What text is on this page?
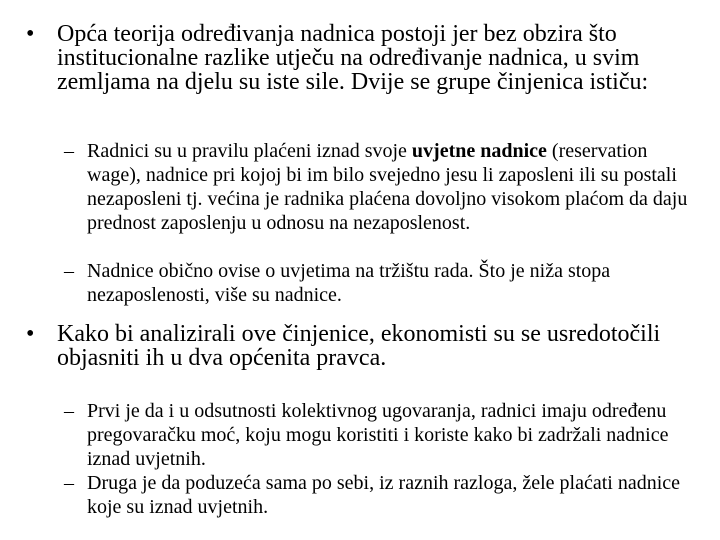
• Opća teorija određivanja nadnica postoji jer bez obzira što institucionalne razlike utječu na određivanje nadnica, u svim zemljama na djelu su iste sile. Dvije se grupe činjenica ističu:
– Radnici su u pravilu plaćeni iznad svoje uvjetne nadnice (reservation wage), nadnice pri kojoj bi im bilo svejedno jesu li zaposleni ili su postali nezaposleni tj. većina je radnika plaćena dovoljno visokom plaćom da daju prednost zaposlenju u odnosu na nezaposlenost.
– Nadnice obično ovise o uvjetima na tržištu rada. Što je niža stopa nezaposlenosti, više su nadnice.
• Kako bi analizirali ove činjenice, ekonomisti su se usredotočili objasniti ih u dva općenita pravca.
– Prvi je da i u odsutnosti kolektivnog ugovaranja, radnici imaju određenu pregovaračku moć, koju mogu koristiti i koriste kako bi zadržali nadnice iznad uvjetnih.
– Druga je da poduzeća sama po sebi, iz raznih razloga, žele plaćati nadnice koje su iznad uvjetnih.
